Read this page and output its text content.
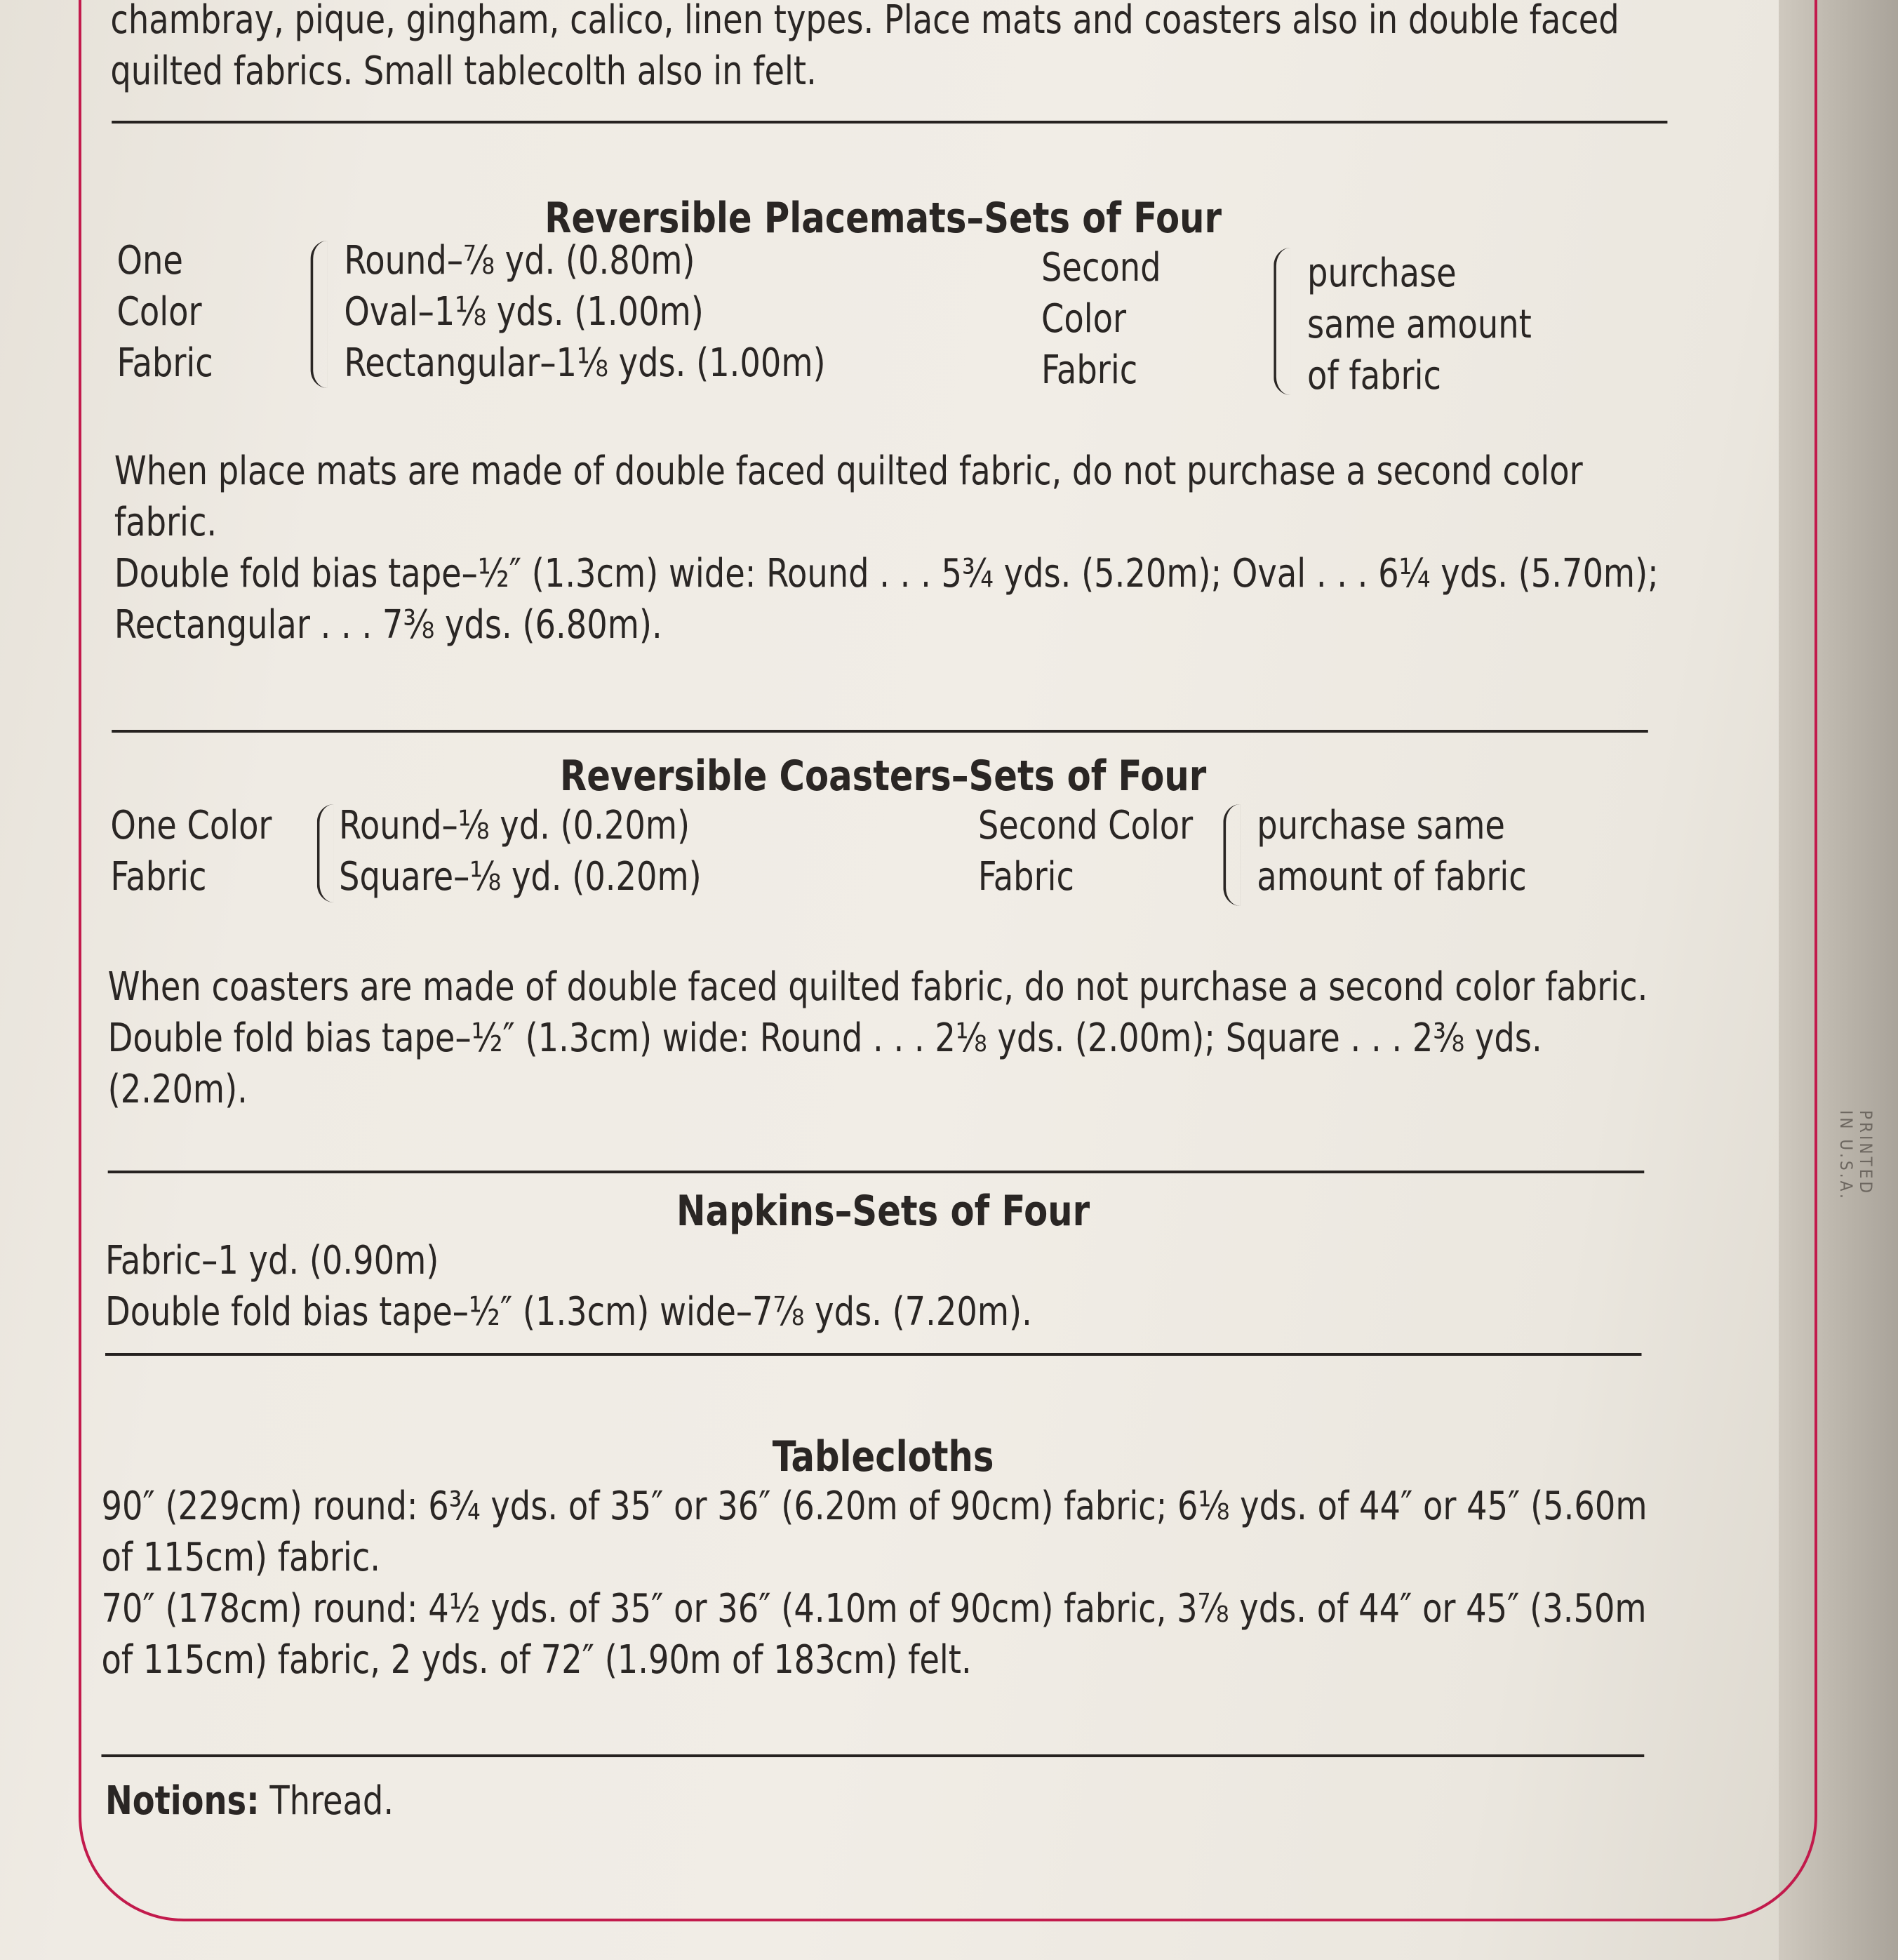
PRINTED IN U.S.A.

chambray, pique, gingham, calico, linen types. Place mats and coasters also in double faced

quilted fabrics. Small tablecolth also in felt.

Reversible Placemats–Sets of Four

One

Color

Fabric

Round–⅞ yd. (0.80m)

Oval–1⅛ yds. (1.00m)

Rectangular–1⅛ yds. (1.00m)

Second

Color

Fabric

purchase

same amount

of fabric

When place mats are made of double faced quilted fabric, do not purchase a second color fabric.

Double fold bias tape–½″ (1.3cm) wide: Round . . . 5¾ yds. (5.20m); Oval . . . 6¼ yds. (5.70m); Rectangular . . . 7⅜ yds. (6.80m).

Reversible Coasters–Sets of Four

One Color

Fabric

Round–⅛ yd. (0.20m)

Square–⅛ yd. (0.20m)

Second Color

Fabric

purchase same

amount of fabric

When coasters are made of double faced quilted fabric, do not purchase a second color fabric.

Double fold bias tape–½″ (1.3cm) wide: Round . . . 2⅛ yds. (2.00m); Square . . . 2⅜ yds. (2.20m).

Napkins–Sets of Four

Fabric–1 yd. (0.90m)

Double fold bias tape–½″ (1.3cm) wide–7⅞ yds. (7.20m).

Tablecloths

90″ (229cm) round: 6¾ yds. of 35″ or 36″ (6.20m of 90cm) fabric; 6⅛ yds. of 44″ or 45″ (5.60m of 115cm) fabric.

70″ (178cm) round: 4½ yds. of 35″ or 36″ (4.10m of 90cm) fabric, 3⅞ yds. of 44″ or 45″ (3.50m of 115cm) fabric, 2 yds. of 72″ (1.90m of 183cm) felt.

Notions: Thread.
